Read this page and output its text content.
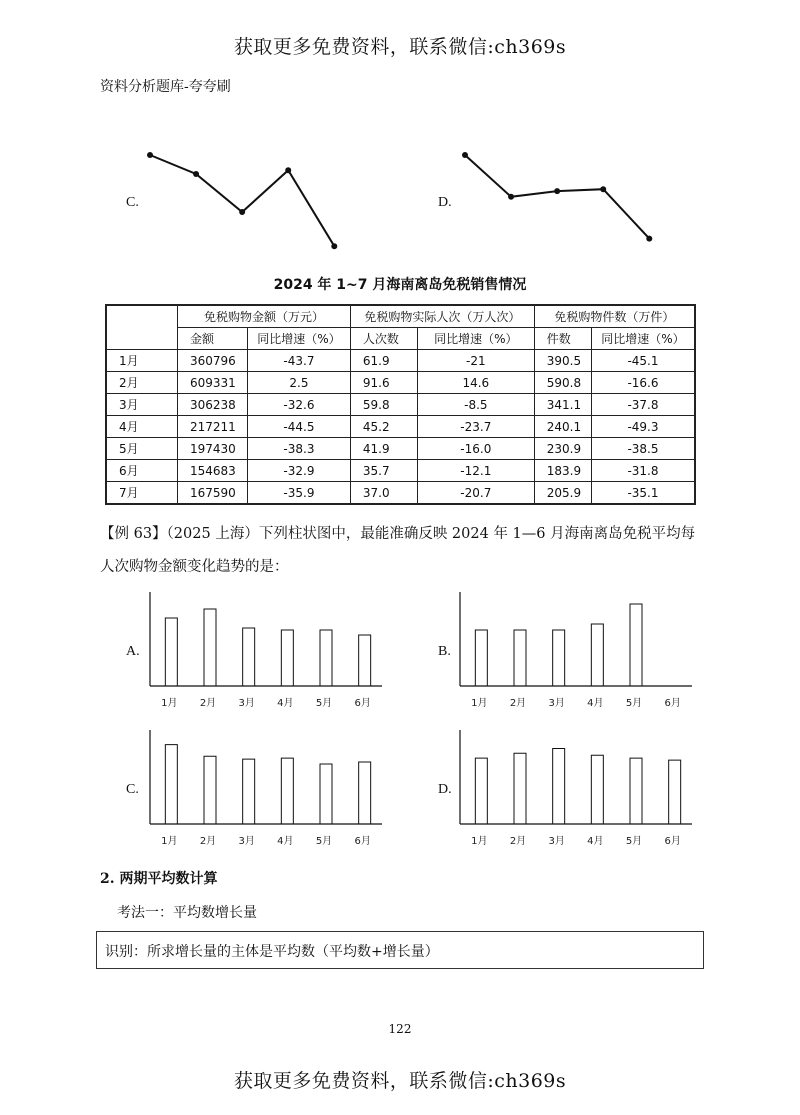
获取更多免费资料，联系微信:ch369s
资料分析题库-夸夸刷
C.	D.
2024 年 1~7 月海南离岛免税销售情况
	免税购物金额（万元）		免税购物实际人次（万人次）		免税购物件数（万件）	
	金额	同比增速（%）	人次数	同比增速（%）	件数	同比增速（%）
1月	360796	-43.7	61.9	-21	390.5	-45.1
2月	609331	2.5	91.6	14.6	590.8	-16.6
3月	306238	-32.6	59.8	-8.5	341.1	-37.8
4月	217211	-44.5	45.2	-23.7	240.1	-49.3
5月	197430	-38.3	41.9	-16.0	230.9	-38.5
6月	154683	-32.9	35.7	-12.1	183.9	-31.8
7月	167590	-35.9	37.0	-20.7	205.9	-35.1
【例 63】（2025 上海）下列柱状图中，最能准确反映 2024 年 1—6 月海南离岛免税平均每
人次购物金额变化趋势的是：
A.
1月 2月 3月 4月 5月 6月
B.
1月 2月 3月 4月 5月 6月
C.
1月 2月 3月 4月 5月 6月
D.
1月 2月 3月 4月 5月 6月
2. 两期平均数计算
考法一：平均数增长量
识别：所求增长量的主体是平均数（平均数+增长量）
122
获取更多免费资料，联系微信:ch369s
